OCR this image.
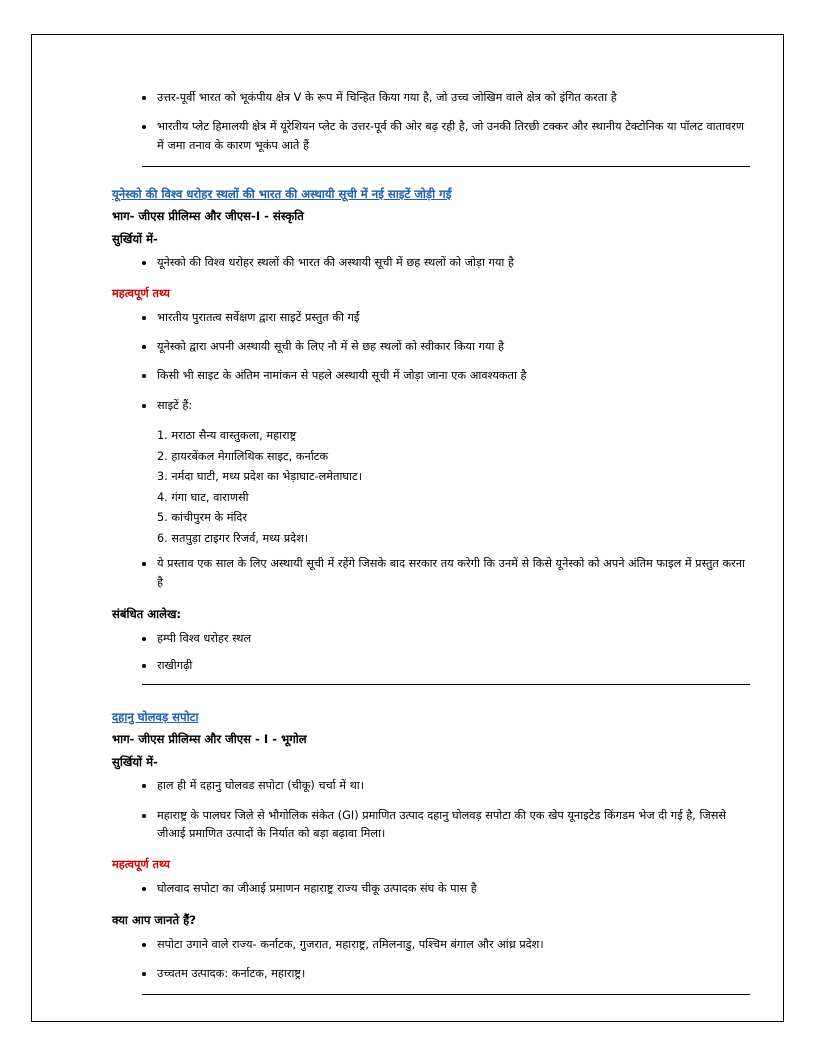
उत्तर-पूर्वी भारत को भूकंपीय क्षेत्र V के रूप में चिन्हित किया गया है, जो उच्च जोखिम वाले क्षेत्र को इंगित करता है
भारतीय प्लेट हिमालयी क्षेत्र में यूरेशियन प्लेट के उत्तर-पूर्व की ओर बढ़ रही है, जो उनकी तिरछी टक्कर और स्थानीय टेक्टोनिक या पॉलट वातावरण में जमा तनाव के कारण भूकंप आते हैं
यूनेस्को की विश्व धरोहर स्थलों की भारत की अस्थायी सूची में नई साइटें जोड़ी गईं

भाग- जीएस प्रीलिम्स और जीएस-I - संस्कृति

सुर्खियों में-

यूनेस्को की विश्व धरोहर स्थलों की भारत की अस्थायी सूची में छह स्थलों को जोड़ा गया है

महत्वपूर्ण तथ्य

भारतीय पुरातत्व सर्वेक्षण द्वारा साइटें प्रस्तुत की गईं
यूनेस्को द्वारा अपनी अस्थायी सूची के लिए नौ में से छह स्थलों को स्वीकार किया गया है
किसी भी साइट के अंतिम नामांकन से पहले अस्थायी सूची में जोड़ा जाना एक आवश्यकता है
साइटें हैं:
1. मराठा सैन्य वास्तुकला, महाराष्ट्र
2. हायरबेंकल मेगालिथिक साइट, कर्नाटक
3. नर्मदा घाटी, मध्य प्रदेश का भेड़ाघाट-लमेताघाट।
4. गंगा घाट, वाराणसी
5. कांचीपुरम के मंदिर
6. सतपुड़ा टाइगर रिजर्व, मध्य प्रदेश।
ये प्रस्ताव एक साल के लिए अस्थायी सूची में रहेंगे जिसके बाद सरकार तय करेगी कि उनमें से किसे यूनेस्को को अपने अंतिम फाइल में प्रस्तुत करना है

संबंधित आलेख:

हम्पी विश्व धरोहर स्थल
राखीगढ़ी
दहानु घोलवड़ सपोटा

भाग- जीएस प्रीलिम्स और जीएस - I - भूगोल

सुर्खियों में-

हाल ही में दहानु घोलवड सपोटा (चीकू) चर्चा में था।
महाराष्ट्र के पालघर जिले से भौगोलिक संकेत (GI) प्रमाणित उत्पाद दहानु घोलवड़ सपोटा की एक खेप यूनाइटेड किंगडम भेज दी गई है, जिससे जीआई प्रमाणित उत्पादों के निर्यात को बड़ा बढ़ावा मिला।

महत्वपूर्ण तथ्य

घोलवाद सपोटा का जीआई प्रमाणन महाराष्ट्र राज्य चीकू उत्पादक संघ के पास है

क्या आप जानते हैं?

सपोटा उगाने वाले राज्य- कर्नाटक, गुजरात, महाराष्ट्र, तमिलनाडु, पश्चिम बंगाल और आंध्र प्रदेश।
उच्चतम उत्पादक: कर्नाटक, महाराष्ट्र।
